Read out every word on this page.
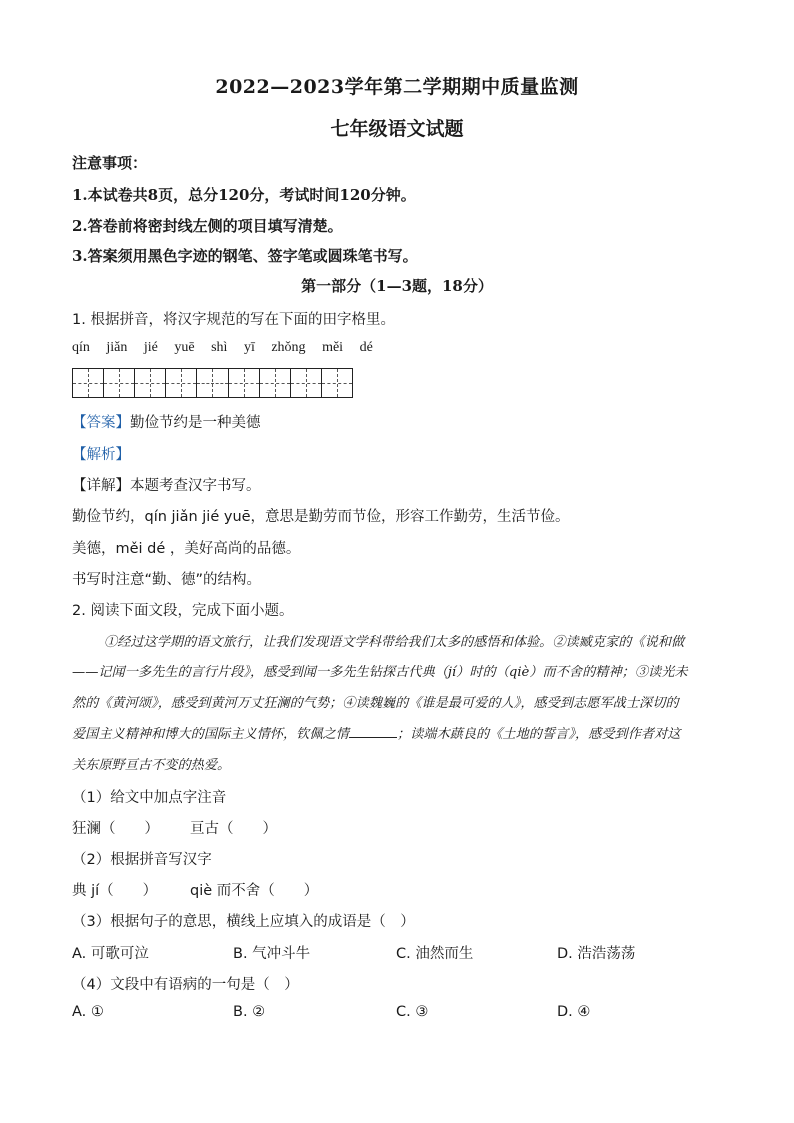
2022—2023学年第二学期期中质量监测
七年级语文试题
注意事项：
1.本试卷共8页，总分120分，考试时间120分钟。
2.答卷前将密封线左侧的项目填写清楚。
3.答案须用黑色字迹的钢笔、签字笔或圆珠笔书写。
第一部分（1—3题，18分）
1. 根据拼音，将汉字规范的写在下面的田字格里。
qín jiǎn jié yuē shì yī zhǒng měi dé
【答案】勤俭节约是一种美德
【解析】
【详解】本题考查汉字书写。
勤俭节约，qín jiǎn jié yuē，意思是勤劳而节俭，形容工作勤劳，生活节俭。
美德，měi dé ，美好高尚的品德。
书写时注意“勤、德”的结构。
2. 阅读下面文段，完成下面小题。
①经过这学期的语文旅行，让我们发现语文学科带给我们太多的感悟和体验。②读臧克家的《说和做
——记闻一多先生的言行片段》，感受到闻一多先生钻探古代典（jí）时的（qiè）而不舍的精神；③读光未
然的《黄河颂》，感受到黄河万丈狂澜的气势；④读魏巍的《谁是最可爱的人》，感受到志愿军战士深切的
爱国主义精神和博大的国际主义情怀，钦佩之情	；读端木蕻良的《土地的誓言》，感受到作者对这
关东原野亘古不变的热爱。
（1）给文中加点字注音
狂澜（　　） 亘古（　　）
（2）根据拼音写汉字
典 jí（　　） qiè 而不舍（　　）
（3）根据句子的意思，横线上应填入的成语是（　）
A. 可歌可泣	B. 气冲斗牛	C. 油然而生	D. 浩浩荡荡
（4）文段中有语病的一句是（　）
A. ①	B. ②	C. ③	D. ④
